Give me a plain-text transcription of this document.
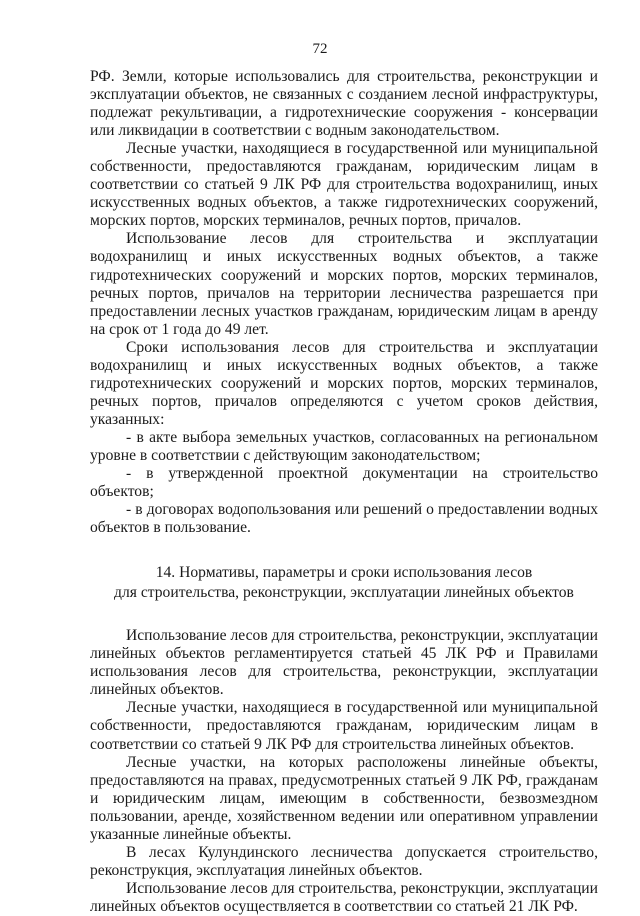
72

РФ. Земли, которые использовались для строительства, реконструкции и эксплуатации объектов, не связанных с созданием лесной инфраструктуры, подлежат рекультивации, а гидротехнические сооружения - консервации или ликвидации в соответствии с водным законодательством.

Лесные участки, находящиеся в государственной или муниципальной собственности, предоставляются гражданам, юридическим лицам в соответствии со статьей 9 ЛК РФ для строительства водохранилищ, иных искусственных водных объектов, а также гидротехнических сооружений, морских портов, морских терминалов, речных портов, причалов.

Использование лесов для строительства и эксплуатации водохранилищ и иных искусственных водных объектов, а также гидротехнических сооружений и морских портов, морских терминалов, речных портов, причалов на территории лесничества разрешается при предоставлении лесных участков гражданам, юридическим лицам в аренду на срок от 1 года до 49 лет.

Сроки использования лесов для строительства и эксплуатации водохранилищ и иных искусственных водных объектов, а также гидротехнических сооружений и морских портов, морских терминалов, речных портов, причалов определяются с учетом сроков действия, указанных:

- в акте выбора земельных участков, согласованных на региональном уровне в соответствии с действующим законодательством;

- в утвержденной проектной документации на строительство объектов;

- в договорах водопользования или решений о предоставлении водных объектов в пользование.

14. Нормативы, параметры и сроки использования лесов
для строительства, реконструкции, эксплуатации линейных объектов

Использование лесов для строительства, реконструкции, эксплуатации линейных объектов регламентируется статьей 45 ЛК РФ и Правилами использования лесов для строительства, реконструкции, эксплуатации линейных объектов.

Лесные участки, находящиеся в государственной или муниципальной собственности, предоставляются гражданам, юридическим лицам в соответствии со статьей 9 ЛК РФ для строительства линейных объектов.

Лесные участки, на которых расположены линейные объекты, предоставляются на правах, предусмотренных статьей 9 ЛК РФ, гражданам и юридическим лицам, имеющим в собственности, безвозмездном пользовании, аренде, хозяйственном ведении или оперативном управлении указанные линейные объекты.

В лесах Кулундинского лесничества допускается строительство, реконструкция, эксплуатация линейных объектов.

Использование лесов для строительства, реконструкции, эксплуатации линейных объектов осуществляется в соответствии со статьей 21 ЛК РФ.
